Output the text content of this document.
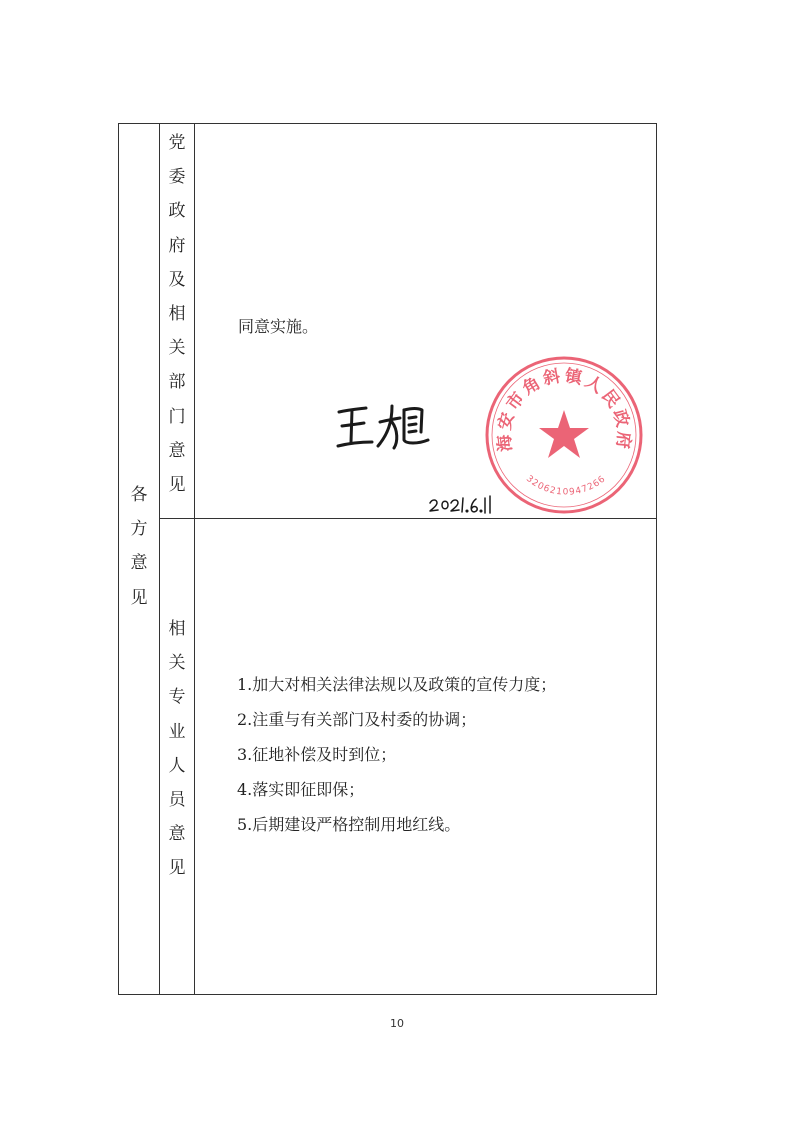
各
方
意
见
党
委
政
府
及
相
关
部
门
意
见
相
关
专
业
人
员
意
见
同意实施。
海安市角斜镇人民政府
3206210947266
1.加大对相关法律法规以及政策的宣传力度；
2.注重与有关部门及村委的协调；
3.征地补偿及时到位；
4.落实即征即保；
5.后期建设严格控制用地红线。
10
